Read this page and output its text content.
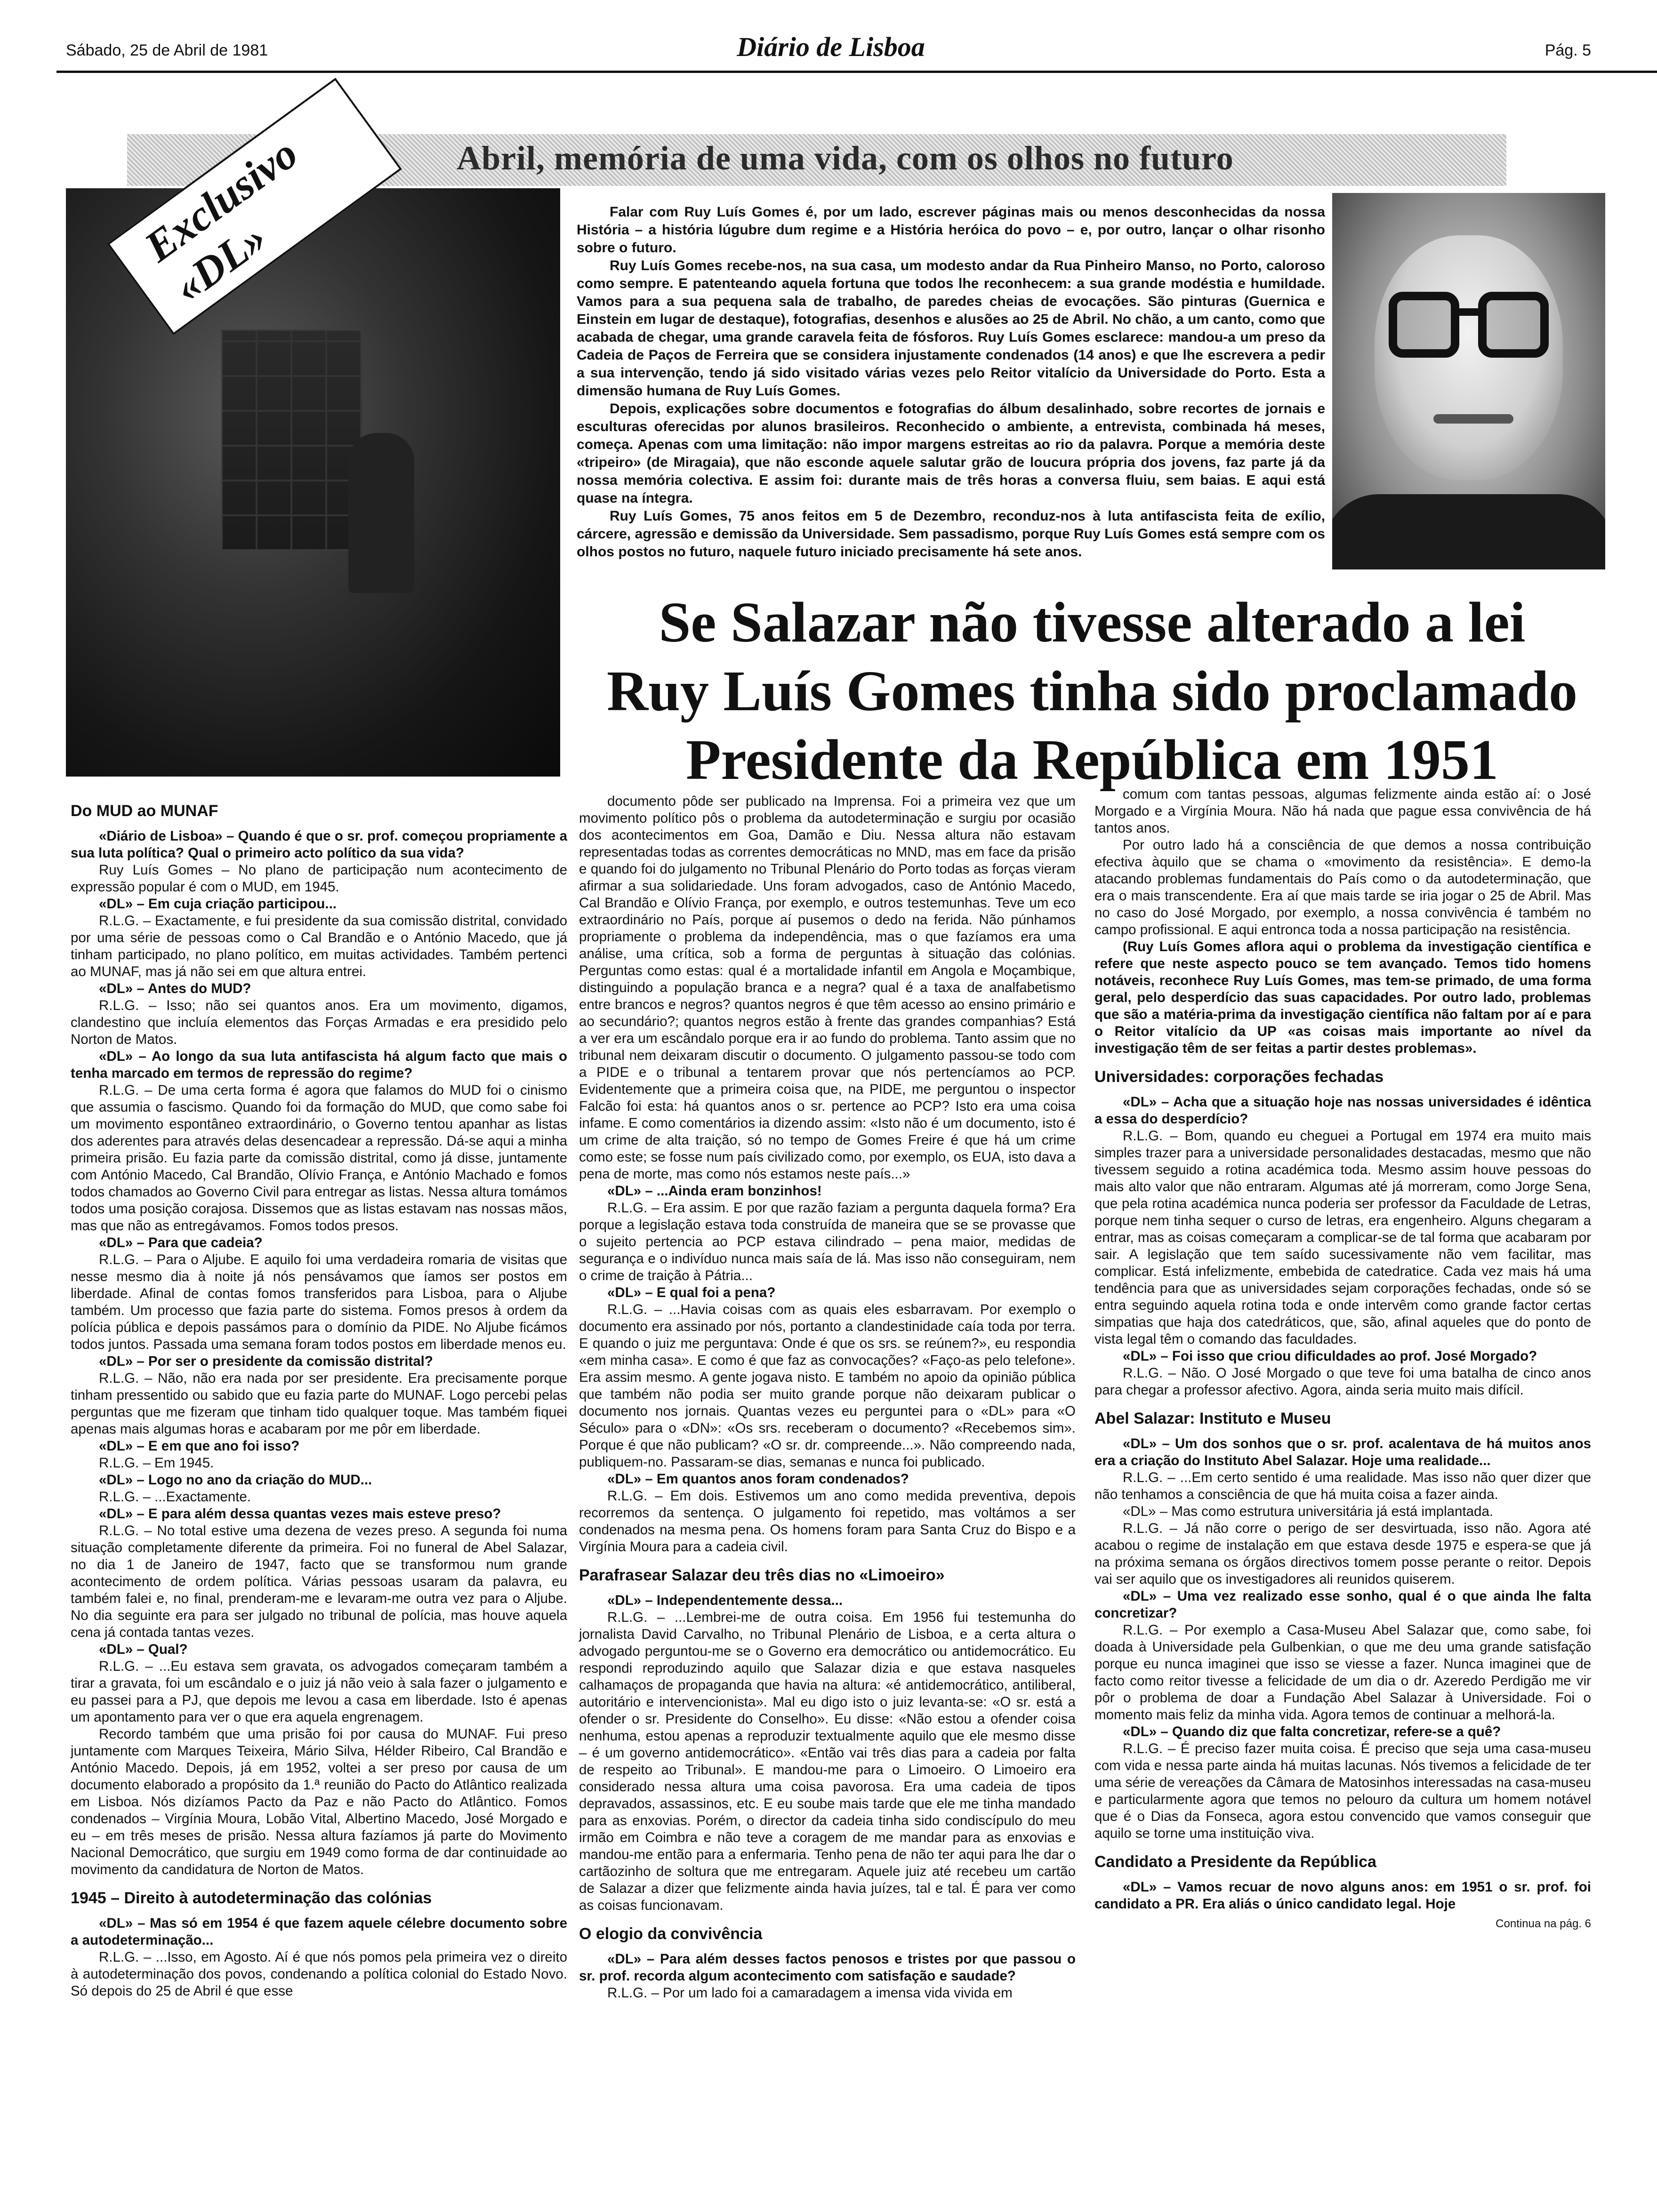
Sábado, 25 de Abril de 1981	Diário de Lisboa	Pág. 5
Abril, memória de uma vida, com os olhos no futuro
Exclusivo «DL»

Falar com Ruy Luís Gomes é, por um lado, escrever páginas mais ou menos desconhecidas da nossa História – a história lúgubre dum regime e a História heróica do povo – e, por outro, lançar o olhar risonho sobre o futuro.

Ruy Luís Gomes recebe-nos, na sua casa, um modesto andar da Rua Pinheiro Manso, no Porto, caloroso como sempre. E patenteando aquela fortuna que todos lhe reconhecem: a sua grande modéstia e humildade. Vamos para a sua pequena sala de trabalho, de paredes cheias de evocações. São pinturas (Guernica e Einstein em lugar de destaque), fotografias, desenhos e alusões ao 25 de Abril. No chão, a um canto, como que acabada de chegar, uma grande caravela feita de fósforos. Ruy Luís Gomes esclarece: mandou-a um preso da Cadeia de Paços de Ferreira que se considera injustamente condenados (14 anos) e que lhe escrevera a pedir a sua intervenção, tendo já sido visitado várias vezes pelo Reitor vitalício da Universidade do Porto. Esta a dimensão humana de Ruy Luís Gomes.

Depois, explicações sobre documentos e fotografias do álbum desalinhado, sobre recortes de jornais e esculturas oferecidas por alunos brasileiros. Reconhecido o ambiente, a entrevista, combinada há meses, começa. Apenas com uma limitação: não impor margens estreitas ao rio da palavra. Porque a memória deste «tripeiro» (de Miragaia), que não esconde aquele salutar grão de loucura própria dos jovens, faz parte já da nossa memória colectiva. E assim foi: durante mais de três horas a conversa fluiu, sem baias. E aqui está quase na íntegra.

Ruy Luís Gomes, 75 anos feitos em 5 de Dezembro, reconduz-nos à luta antifascista feita de exílio, cárcere, agressão e demissão da Universidade. Sem passadismo, porque Ruy Luís Gomes está sempre com os olhos postos no futuro, naquele futuro iniciado precisamente há sete anos.

Se Salazar não tivesse alterado a lei
Ruy Luís Gomes tinha sido proclamado
Presidente da República em 1951
Do MUD ao MUNAF

«Diário de Lisboa» – Quando é que o sr. prof. começou propriamente a sua luta política? Qual o primeiro acto político da sua vida?

Ruy Luís Gomes – No plano de participação num acontecimento de expressão popular é com o MUD, em 1945.

«DL» – Em cuja criação participou...

R.L.G. – Exactamente, e fui presidente da sua comissão distrital, convidado por uma série de pessoas como o Cal Brandão e o António Macedo, que já tinham participado, no plano político, em muitas actividades. Também pertenci ao MUNAF, mas já não sei em que altura entrei.

«DL» – Antes do MUD?

R.L.G. – Isso; não sei quantos anos. Era um movimento, digamos, clandestino que incluía elementos das Forças Armadas e era presidido pelo Norton de Matos.

«DL» – Ao longo da sua luta antifascista há algum facto que mais o tenha marcado em termos de repressão do regime?

R.L.G. – De uma certa forma é agora que falamos do MUD foi o cinismo que assumia o fascismo. Quando foi da formação do MUD, que como sabe foi um movimento espontâneo extraordinário, o Governo tentou apanhar as listas dos aderentes para através delas desencadear a repressão. Dá-se aqui a minha primeira prisão. Eu fazia parte da comissão distrital, como já disse, juntamente com António Macedo, Cal Brandão, Olívio França, e António Machado e fomos todos chamados ao Governo Civil para entregar as listas. Nessa altura tomámos todos uma posição corajosa. Dissemos que as listas estavam nas nossas mãos, mas que não as entregávamos. Fomos todos presos.

«DL» – Para que cadeia?

R.L.G. – Para o Aljube. E aquilo foi uma verdadeira romaria de visitas que nesse mesmo dia à noite já nós pensávamos que íamos ser postos em liberdade. Afinal de contas fomos transferidos para Lisboa, para o Aljube também. Um processo que fazia parte do sistema. Fomos presos à ordem da polícia pública e depois passámos para o domínio da PIDE. No Aljube ficámos todos juntos. Passada uma semana foram todos postos em liberdade menos eu.

«DL» – Por ser o presidente da comissão distrital?

R.L.G. – Não, não era nada por ser presidente. Era precisamente porque tinham pressentido ou sabido que eu fazia parte do MUNAF. Logo percebi pelas perguntas que me fizeram que tinham tido qualquer toque. Mas também fiquei apenas mais algumas horas e acabaram por me pôr em liberdade.

«DL» – E em que ano foi isso?

R.L.G. – Em 1945.

«DL» – Logo no ano da criação do MUD...

R.L.G. – ...Exactamente.

«DL» – E para além dessa quantas vezes mais esteve preso?

R.L.G. – No total estive uma dezena de vezes preso. A segunda foi numa situação completamente diferente da primeira. Foi no funeral de Abel Salazar, no dia 1 de Janeiro de 1947, facto que se transformou num grande acontecimento de ordem política. Várias pessoas usaram da palavra, eu também falei e, no final, prenderam-me e levaram-me outra vez para o Aljube. No dia seguinte era para ser julgado no tribunal de polícia, mas houve aquela cena já contada tantas vezes.

«DL» – Qual?

R.L.G. – ...Eu estava sem gravata, os advogados começaram também a tirar a gravata, foi um escândalo e o juiz já não veio à sala fazer o julgamento e eu passei para a PJ, que depois me levou a casa em liberdade. Isto é apenas um apontamento para ver o que era aquela engrenagem.

Recordo também que uma prisão foi por causa do MUNAF. Fui preso juntamente com Marques Teixeira, Mário Silva, Hélder Ribeiro, Cal Brandão e António Macedo. Depois, já em 1952, voltei a ser preso por causa de um documento elaborado a propósito da 1.ª reunião do Pacto do Atlântico realizada em Lisboa. Nós dizíamos Pacto da Paz e não Pacto do Atlântico. Fomos condenados – Virgínia Moura, Lobão Vital, Albertino Macedo, José Morgado e eu – em três meses de prisão. Nessa altura fazíamos já parte do Movimento Nacional Democrático, que surgiu em 1949 como forma de dar continuidade ao movimento da candidatura de Norton de Matos.

1945 – Direito à autodeterminação das colónias

«DL» – Mas só em 1954 é que fazem aquele célebre documento sobre a autodeterminação...

R.L.G. – ...Isso, em Agosto. Aí é que nós pomos pela primeira vez o direito à autodeterminação dos povos, condenando a política colonial do Estado Novo. Só depois do 25 de Abril é que esse

documento pôde ser publicado na Imprensa. Foi a primeira vez que um movimento político pôs o problema da autodeterminação e surgiu por ocasião dos acontecimentos em Goa, Damão e Diu. Nessa altura não estavam representadas todas as correntes democráticas no MND, mas em face da prisão e quando foi do julgamento no Tribunal Plenário do Porto todas as forças vieram afirmar a sua solidariedade. Uns foram advogados, caso de António Macedo, Cal Brandão e Olívio França, por exemplo, e outros testemunhas. Teve um eco extraordinário no País, porque aí pusemos o dedo na ferida. Não púnhamos propriamente o problema da independência, mas o que fazíamos era uma análise, uma crítica, sob a forma de perguntas à situação das colónias. Perguntas como estas: qual é a mortalidade infantil em Angola e Moçambique, distinguindo a população branca e a negra? qual é a taxa de analfabetismo entre brancos e negros? quantos negros é que têm acesso ao ensino primário e ao secundário?; quantos negros estão à frente das grandes companhias? Está a ver era um escândalo porque era ir ao fundo do problema. Tanto assim que no tribunal nem deixaram discutir o documento. O julgamento passou-se todo com a PIDE e o tribunal a tentarem provar que nós pertencíamos ao PCP. Evidentemente que a primeira coisa que, na PIDE, me perguntou o inspector Falcão foi esta: há quantos anos o sr. pertence ao PCP? Isto era uma coisa infame. E como comentários ia dizendo assim: «Isto não é um documento, isto é um crime de alta traição, só no tempo de Gomes Freire é que há um crime como este; se fosse num país civilizado como, por exemplo, os EUA, isto dava a pena de morte, mas como nós estamos neste país...»

«DL» – ...Ainda eram bonzinhos!

R.L.G. – Era assim. E por que razão faziam a pergunta daquela forma? Era porque a legislação estava toda construída de maneira que se se provasse que o sujeito pertencia ao PCP estava cilindrado – pena maior, medidas de segurança e o indivíduo nunca mais saía de lá. Mas isso não conseguiram, nem o crime de traição à Pátria...

«DL» – E qual foi a pena?

R.L.G. – ...Havia coisas com as quais eles esbarravam. Por exemplo o documento era assinado por nós, portanto a clandestinidade caía toda por terra. E quando o juiz me perguntava: Onde é que os srs. se reúnem?», eu respondia «em minha casa». E como é que faz as convocações? «Faço-as pelo telefone». Era assim mesmo. A gente jogava nisto. E também no apoio da opinião pública que também não podia ser muito grande porque não deixaram publicar o documento nos jornais. Quantas vezes eu perguntei para o «DL» para «O Século» para o «DN»: «Os srs. receberam o documento? «Recebemos sim». Porque é que não publicam? «O sr. dr. compreende...». Não compreendo nada, publiquem-no. Passaram-se dias, semanas e nunca foi publicado.

«DL» – Em quantos anos foram condenados?

R.L.G. – Em dois. Estivemos um ano como medida preventiva, depois recorremos da sentença. O julgamento foi repetido, mas voltámos a ser condenados na mesma pena. Os homens foram para Santa Cruz do Bispo e a Virgínia Moura para a cadeia civil.

Parafrasear Salazar deu três dias no «Limoeiro»

«DL» – Independentemente dessa...

R.L.G. – ...Lembrei-me de outra coisa. Em 1956 fui testemunha do jornalista David Carvalho, no Tribunal Plenário de Lisboa, e a certa altura o advogado perguntou-me se o Governo era democrático ou antidemocrático. Eu respondi reproduzindo aquilo que Salazar dizia e que estava nasqueles calhamaços de propaganda que havia na altura: «é antidemocrático, antiliberal, autoritário e intervencionista». Mal eu digo isto o juiz levanta-se: «O sr. está a ofender o sr. Presidente do Conselho». Eu disse: «Não estou a ofender coisa nenhuma, estou apenas a reproduzir textualmente aquilo que ele mesmo disse – é um governo antidemocrático». «Então vai três dias para a cadeia por falta de respeito ao Tribunal». E mandou-me para o Limoeiro. O Limoeiro era considerado nessa altura uma coisa pavorosa. Era uma cadeia de tipos depravados, assassinos, etc. E eu soube mais tarde que ele me tinha mandado para as enxovias. Porém, o director da cadeia tinha sido condiscípulo do meu irmão em Coimbra e não teve a coragem de me mandar para as enxovias e mandou-me então para a enfermaria. Tenho pena de não ter aqui para lhe dar o cartãozinho de soltura que me entregaram. Aquele juiz até recebeu um cartão de Salazar a dizer que felizmente ainda havia juízes, tal e tal. É para ver como as coisas funcionavam.

O elogio da convivência

«DL» – Para além desses factos penosos e tristes por que passou o sr. prof. recorda algum acontecimento com satisfação e saudade?

R.L.G. – Por um lado foi a camaradagem a imensa vida vivida em

comum com tantas pessoas, algumas felizmente ainda estão aí: o José Morgado e a Virgínia Moura. Não há nada que pague essa convivência de há tantos anos.

Por outro lado há a consciência de que demos a nossa contribuição efectiva àquilo que se chama o «movimento da resistência». E demo-la atacando problemas fundamentais do País como o da autodeterminação, que era o mais transcendente. Era aí que mais tarde se iria jogar o 25 de Abril. Mas no caso do José Morgado, por exemplo, a nossa convivência é também no campo profissional. E aqui entronca toda a nossa participação na resistência.

(Ruy Luís Gomes aflora aqui o problema da investigação científica e refere que neste aspecto pouco se tem avançado. Temos tido homens notáveis, reconhece Ruy Luís Gomes, mas tem-se primado, de uma forma geral, pelo desperdício das suas capacidades. Por outro lado, problemas que são a matéria-prima da investigação científica não faltam por aí e para o Reitor vitalício da UP «as coisas mais importante ao nível da investigação têm de ser feitas a partir destes problemas».

Universidades: corporações fechadas

«DL» – Acha que a situação hoje nas nossas universidades é idêntica a essa do desperdício?

R.L.G. – Bom, quando eu cheguei a Portugal em 1974 era muito mais simples trazer para a universidade personalidades destacadas, mesmo que não tivessem seguido a rotina académica toda. Mesmo assim houve pessoas do mais alto valor que não entraram. Algumas até já morreram, como Jorge Sena, que pela rotina académica nunca poderia ser professor da Faculdade de Letras, porque nem tinha sequer o curso de letras, era engenheiro. Alguns chegaram a entrar, mas as coisas começaram a complicar-se de tal forma que acabaram por sair. A legislação que tem saído sucessivamente não vem facilitar, mas complicar. Está infelizmente, embebida de catedratice. Cada vez mais há uma tendência para que as universidades sejam corporações fechadas, onde só se entra seguindo aquela rotina toda e onde intervêm como grande factor certas simpatias que haja dos catedráticos, que, são, afinal aqueles que do ponto de vista legal têm o comando das faculdades.

«DL» – Foi isso que criou dificuldades ao prof. José Morgado?

R.L.G. – Não. O José Morgado o que teve foi uma batalha de cinco anos para chegar a professor afectivo. Agora, ainda seria muito mais difícil.

Abel Salazar: Instituto e Museu

«DL» – Um dos sonhos que o sr. prof. acalentava de há muitos anos era a criação do Instituto Abel Salazar. Hoje uma realidade...

R.L.G. – ...Em certo sentido é uma realidade. Mas isso não quer dizer que não tenhamos a consciência de que há muita coisa a fazer ainda.

«DL» – Mas como estrutura universitária já está implantada.

R.L.G. – Já não corre o perigo de ser desvirtuada, isso não. Agora até acabou o regime de instalação em que estava desde 1975 e espera-se que já na próxima semana os órgãos directivos tomem posse perante o reitor. Depois vai ser aquilo que os investigadores ali reunidos quiserem.

«DL» – Uma vez realizado esse sonho, qual é o que ainda lhe falta concretizar?

R.L.G. – Por exemplo a Casa-Museu Abel Salazar que, como sabe, foi doada à Universidade pela Gulbenkian, o que me deu uma grande satisfação porque eu nunca imaginei que isso se viesse a fazer. Nunca imaginei que de facto como reitor tivesse a felicidade de um dia o dr. Azeredo Perdigão me vir pôr o problema de doar a Fundação Abel Salazar à Universidade. Foi o momento mais feliz da minha vida. Agora temos de continuar a melhorá-la.

«DL» – Quando diz que falta concretizar, refere-se a quê?

R.L.G. – É preciso fazer muita coisa. É preciso que seja uma casa-museu com vida e nessa parte ainda há muitas lacunas. Nós tivemos a felicidade de ter uma série de vereações da Câmara de Matosinhos interessadas na casa-museu e particularmente agora que temos no pelouro da cultura um homem notável que é o Dias da Fonseca, agora estou convencido que vamos conseguir que aquilo se torne uma instituição viva.

Candidato a Presidente da República

«DL» – Vamos recuar de novo alguns anos: em 1951 o sr. prof. foi candidato a PR. Era aliás o único candidato legal. Hoje

Continua na pág. 6
